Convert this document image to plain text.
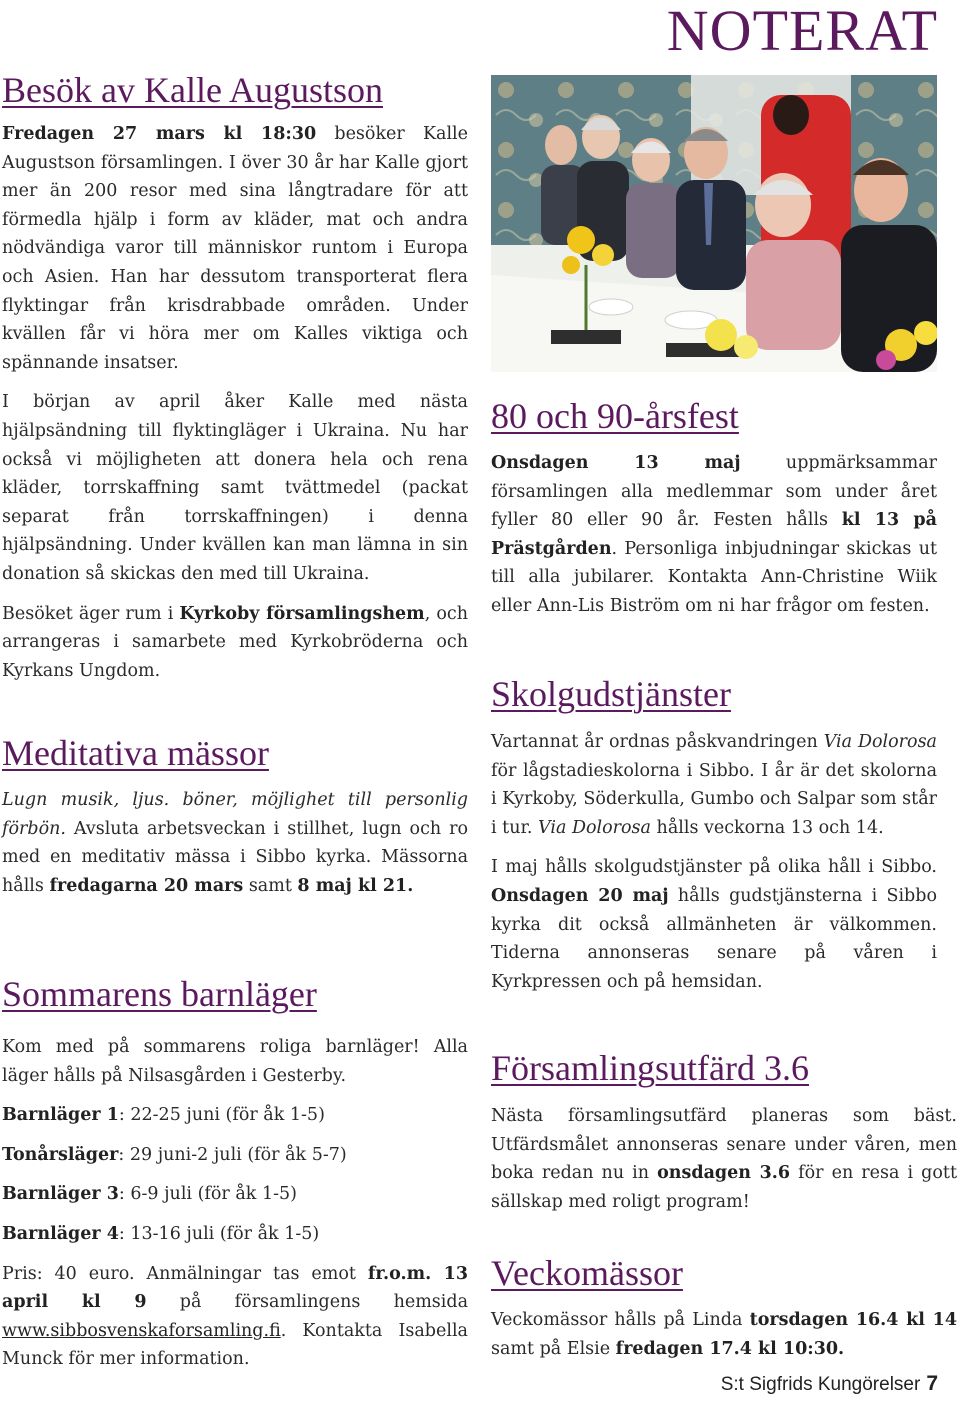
NOTERAT
Besök av Kalle Augustson

Fredagen 27 mars kl 18:30 besöker Kalle Augustson församlingen. I över 30 år har Kalle gjort mer än 200 resor med sina långtradare för att förmedla hjälp i form av kläder, mat och andra nödvändiga varor till människor runtom i Europa och Asien. Han har dessutom transporterat flera flyktingar från krisdrabbade områden. Under kvällen får vi höra mer om Kalles viktiga och spännande insatser.

I början av april åker Kalle med nästa hjälpsändning till flyktingläger i Ukraina. Nu har också vi möjligheten att donera hela och rena kläder, torrskaffning samt tvättmedel (packat separat från torrskaffningen) i denna hjälpsändning. Under kvällen kan man lämna in sin donation så skickas den med till Ukraina.

Besöket äger rum i Kyrkoby församlingshem, och arrangeras i samarbete med Kyrkobröderna och Kyrkans Ungdom.

Meditativa mässor

Lugn musik, ljus. böner, möjlighet till personlig förbön. Avsluta arbetsveckan i stillhet, lugn och ro med en meditativ mässa i Sibbo kyrka. Mässorna hålls fredagarna 20 mars samt 8 maj kl 21.

Sommarens barnläger

Kom med på sommarens roliga barnläger! Alla läger hålls på Nilsasgården i Gesterby.

Barnläger 1: 22-25 juni (för åk 1-5)

Tonårsläger: 29 juni-2 juli (för åk 5-7)

Barnläger 3: 6-9 juli (för åk 1-5)

Barnläger 4: 13-16 juli (för åk 1-5)

Pris: 40 euro. Anmälningar tas emot fr.o.m. 13 april kl 9 på församlingens hemsida www.sibbosvenskaforsamling.fi. Kontakta Isabella Munck för mer information.

80 och 90-årsfest

Onsdagen 13 maj uppmärksammar församlingen alla medlemmar som under året fyller 80 eller 90 år. Festen hålls kl 13 på Prästgården. Personliga inbjudningar skickas ut till alla jubilarer. Kontakta Ann-Christine Wiik eller Ann-Lis Biström om ni har frågor om festen.

Skolgudstjänster

Vartannat år ordnas påskvandringen Via Dolorosa för lågstadieskolorna i Sibbo. I år är det skolorna i Kyrkoby, Söderkulla, Gumbo och Salpar som står i tur. Via Dolorosa hålls veckorna 13 och 14.

I maj hålls skolgudstjänster på olika håll i Sibbo. Onsdagen 20 maj hålls gudstjänsterna i Sibbo kyrka dit också allmänheten är välkommen. Tiderna annonseras senare på våren i Kyrkpressen och på hemsidan.

Församlingsutfärd 3.6

Nästa församlingsutfärd planeras som bäst. Utfärdsmålet annonseras senare under våren, men boka redan nu in onsdagen 3.6 för en resa i gott sällskap med roligt program!

Veckomässor

Veckomässor hålls på Linda torsdagen 16.4 kl 14 samt på Elsie fredagen 17.4 kl 10:30.

S:t Sigfrids Kungörelser 7
